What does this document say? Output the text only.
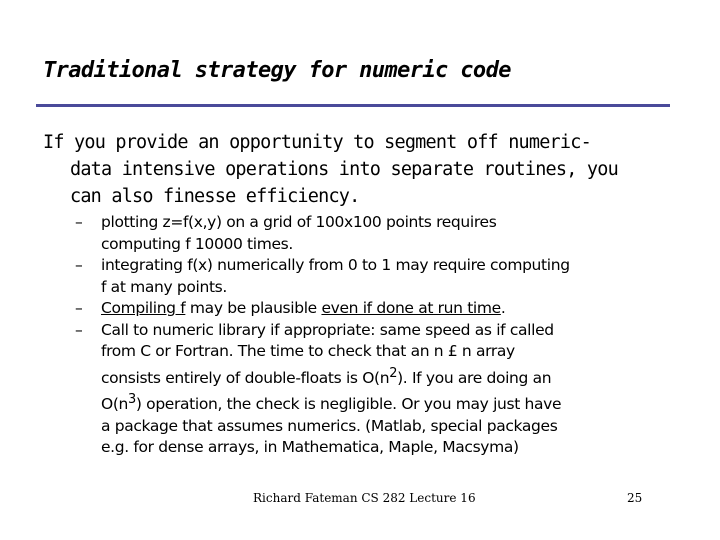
Traditional strategy for numeric code
If you provide an opportunity to segment off numeric-
data intensive operations into separate routines, you
can also finesse efficiency.
– plotting z=f(x,y) on a grid of 100x100 points requires
computing f 10000 times.
– integrating f(x) numerically from 0 to 1 may require computing
f at many points.
– Compiling f may be plausible even if done at run time.
– Call to numeric library if appropriate: same speed as if called
from C or Fortran. The time to check that an n £ n array
consists entirely of double-floats is $O(n^2)$. If you are doing an
$O(n^3)$ operation, the check is negligible. Or you may just have
a package that assumes numerics. (Matlab, special packages
e.g. for dense arrays, in Mathematica, Maple, Macsyma)
Richard Fateman CS 282 Lecture 16	25
